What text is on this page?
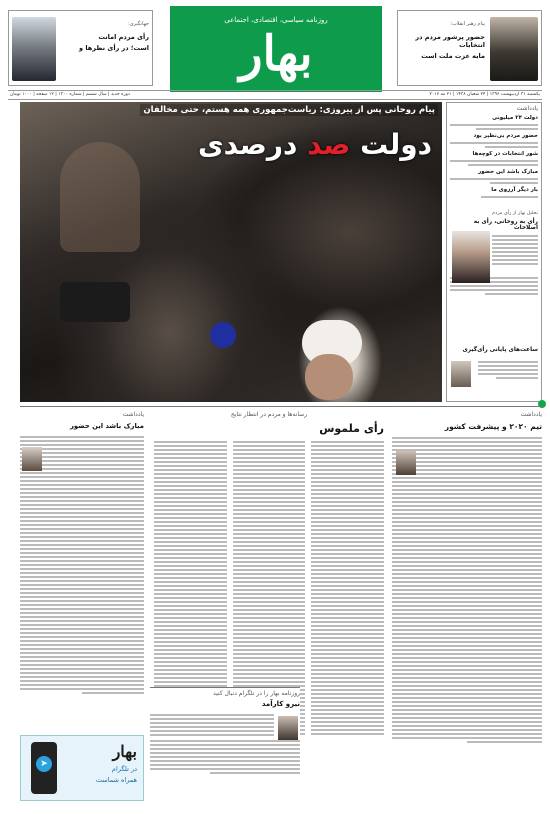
پیام رهبر انقلاب:
حضور پرشور مردم در انتخابات
مایه عزت ملت است
روزنامه سیاسی، اقتصادی، اجتماعی
بهار
جهانگیری:
رأی مردم امانت
است؛ در رأی نظرها و
یکشنبه ۳۱ اردیبهشت ۱۳۹۶ | ۲۴ شعبان ۱۴۳۸ | ۲۱ مه ۲۰۱۷
دوره جدید | سال ششم | شماره ۱۳۰۰ | ۱۲ صفحه | ۱۰۰۰ تومان
پیام روحانی پس از پیروزی: ریاست‌جمهوری همه هستم، حتی مخالفان
دولت صد درصدی
یادداشت
دولت ۲۴ میلیونی
حضور مردم بی‌نظیر بود
شور انتخابات در کوچه‌ها
مبارک باشد این حضور
بار دیگر آرزوی ما
تحلیل بهار از رأی مردم
رأی به روحانی، رأی به اصلاحات
ساعت‌های پایانی رأی‌گیری
یادداشت
تیم ۲۰۲۰ و پیشرفت کشور
رسانه‌ها و مردم در انتظار نتایج
رأی ملموس
روزنامه بهار را در تلگرام دنبال کنید
نیرو کارآمد
یادداشت
مبارک باشد این حضور
➤
بهار
در تلگرام
همراه شماست
